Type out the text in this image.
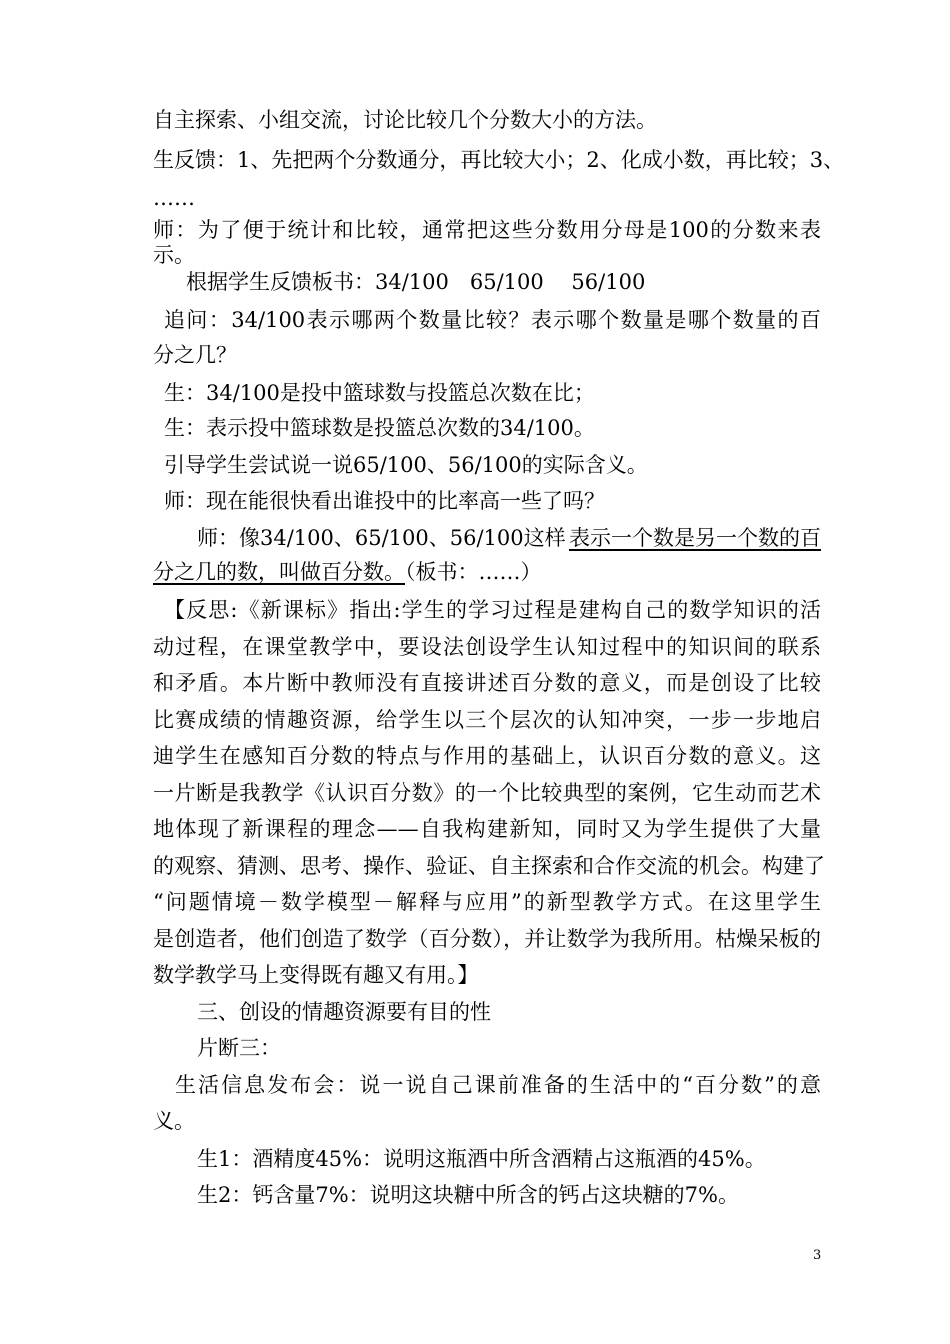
自主探索、小组交流，讨论比较几个分数大小的方法。
生反馈：1、先把两个分数通分，再比较大小；2、化成小数，再比较；3、
……
师：为了便于统计和比较，通常把这些分数用分母是100的分数来表
示。
根据学生反馈板书：34/100　65/100　 56/100
追问：34/100表示哪两个数量比较？表示哪个数量是哪个数量的百
分之几？
生：34/100是投中篮球数与投篮总次数在比；
生：表示投中篮球数是投篮总次数的34/100。
引导学生尝试说一说65/100、56/100的实际含义。
师：现在能很快看出谁投中的比率高一些了吗？
师：像34/100、65/100、56/100这样 表示一个数是另一个数的百
分之几的数，叫做百分数。（板书：……）
【反思:《新课标》指出:学生的学习过程是建构自己的数学知识的活
动过程，在课堂教学中，要设法创设学生认知过程中的知识间的联系
和矛盾。本片断中教师没有直接讲述百分数的意义，而是创设了比较
比赛成绩的情趣资源，给学生以三个层次的认知冲突，一步一步地启
迪学生在感知百分数的特点与作用的基础上，认识百分数的意义。这
一片断是我教学《认识百分数》的一个比较典型的案例，它生动而艺术
地体现了新课程的理念——自我构建新知，同时又为学生提供了大量
的观察、猜测、思考、操作、验证、自主探索和合作交流的机会。构建了
“问题情境－数学模型－解释与应用”的新型教学方式。在这里学生
是创造者，他们创造了数学（百分数），并让数学为我所用。枯燥呆板的
数学教学马上变得既有趣又有用。】
三、创设的情趣资源要有目的性
片断三：
生活信息发布会：说一说自己课前准备的生活中的“百分数”的意
义。
生1：酒精度45%：说明这瓶酒中所含酒精占这瓶酒的45%。
生2：钙含量7%：说明这块糖中所含的钙占这块糖的7%。
3
